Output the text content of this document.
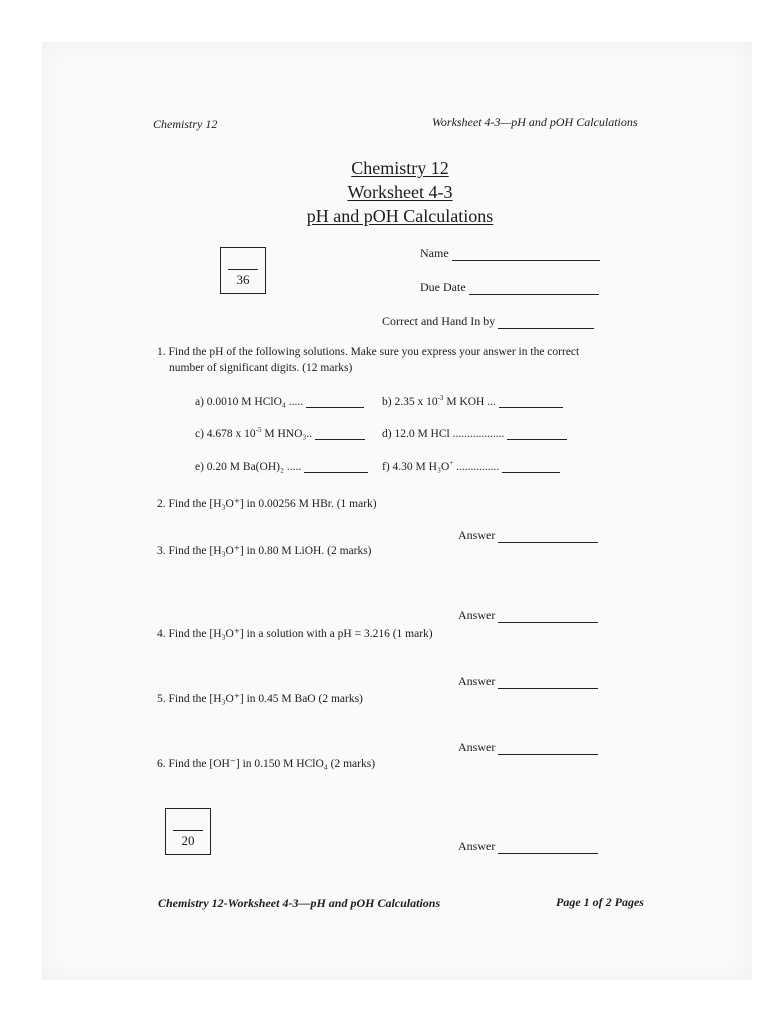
Chemistry 12	Worksheet 4-3—pH and pOH Calculations
Chemistry 12
Worksheet 4-3
pH and pOH Calculations
36
Name
Due Date
Correct and Hand In by
1. Find the pH of the following solutions. Make sure you express your answer in the correct
number of significant digits. (12 marks)
a) 0.0010 M HClO₄ .....	b) 2.35 x $10^{-3}$ M KOH ...
c) 4.678 x $10^{-5}$ M HNO₃..	d) 12.0 M HCl ..................
e) 0.20 M Ba(OH)₂ .....	f) 4.30 M H₃O+ ...............
2. Find the [H₃O⁺] in 0.00256 M HBr. (1 mark)
Answer
3. Find the [H₃O⁺] in 0.80 M LiOH. (2 marks)
Answer
4. Find the [H₃O⁺] in a solution with a pH = 3.216 (1 mark)
Answer
5. Find the [H₃O⁺] in 0.45 M BaO (2 marks)
Answer
6. Find the [OH⁻] in 0.150 M HClO₄ (2 marks)
20	Answer
Chemistry 12-Worksheet 4-3—pH and pOH Calculations	Page 1 of 2 Pages
